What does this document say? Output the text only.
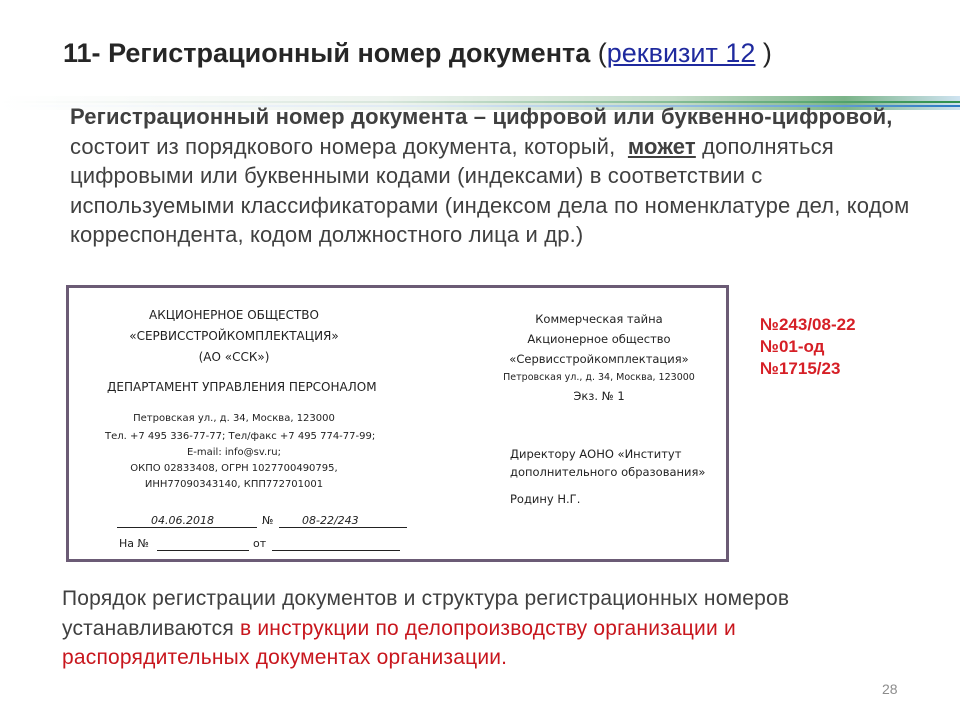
11- Регистрационный номер документа (реквизит 12 )
Регистрационный номер документа – цифровой или буквенно-цифровой, состоит из порядкового номера документа, который, может дополняться цифровыми или буквенными кодами (индексами) в соответствии с используемыми классификаторами (индексом дела по номенклатуре дел, кодом корреспондента, кодом должностного лица и др.)
АКЦИОНЕРНОЕ ОБЩЕСТВО
«СЕРВИССТРОЙКОМПЛЕКТАЦИЯ»
(АО «ССК»)
ДЕПАРТАМЕНТ УПРАВЛЕНИЯ ПЕРСОНАЛОМ
Петровская ул., д. 34, Москва, 123000
Тел. +7 495 336-77-77; Тел/факс +7 495 774-77-99;
E-mail: info@sv.ru;
ОКПО 02833408, ОГРН 1027700490795,
ИНН77090343140, КПП772701001
04.06.2018	№	08-22/243
На №	от
Коммерческая тайна
Акционерное общество
«Сервисстройкомплектация»
Петровская ул., д. 34, Москва, 123000
Экз. № 1
Директору АОНО «Институт
дополнительного образования»
Родину Н.Г.
№243/08-22
№01-од
№1715/23
Порядок регистрации документов и структура регистрационных номеров устанавливаются в инструкции по делопроизводству организации и распорядительных документах организации.
28
